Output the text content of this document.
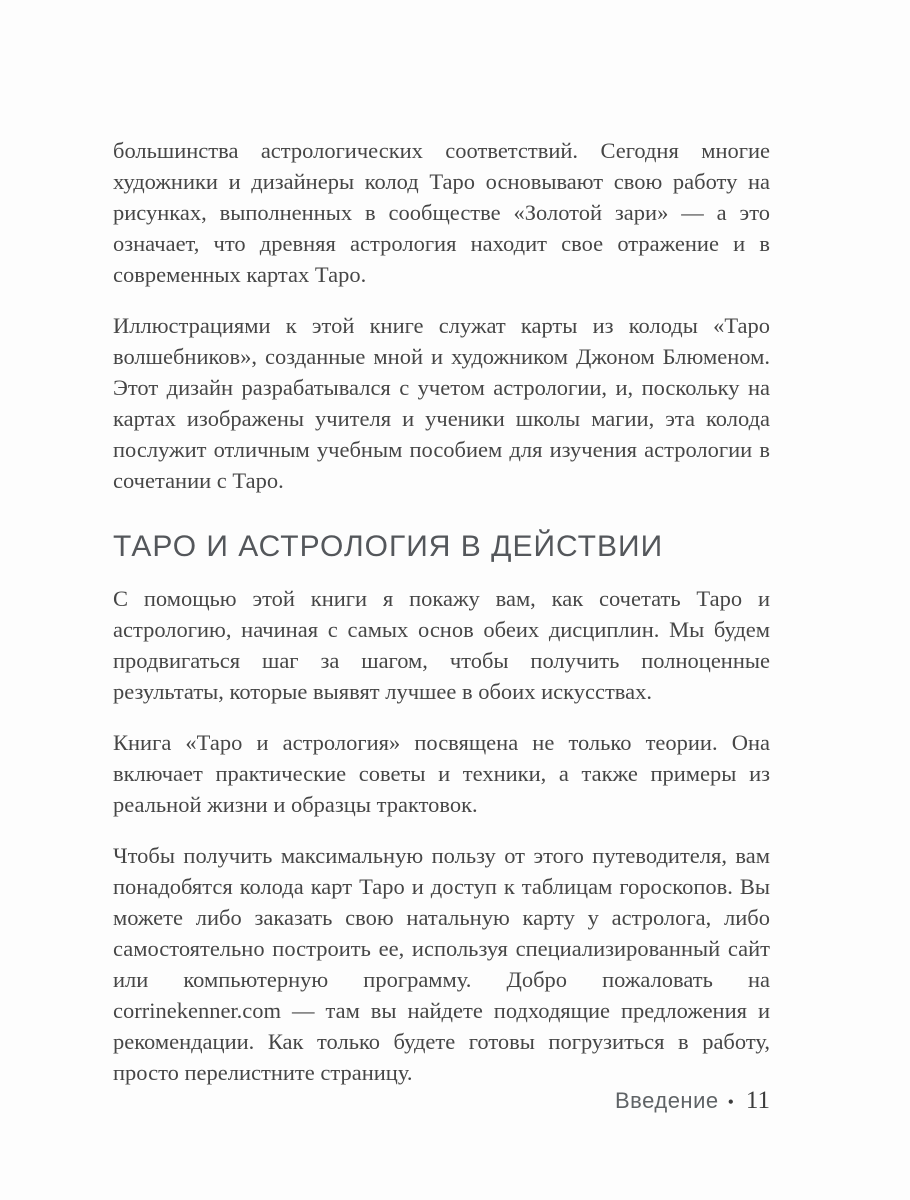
большинства астрологических соответствий. Сегодня многие художники и дизайнеры колод Таро основывают свою работу на рисунках, выполненных в сообществе «Золотой зари» — а это означает, что древняя астрология находит свое отражение и в современных картах Таро.

Иллюстрациями к этой книге служат карты из колоды «Таро волшебников», созданные мной и художником Джоном Блюменом. Этот дизайн разрабатывался с учетом астрологии, и, поскольку на картах изображены учителя и ученики школы магии, эта колода послужит отличным учебным пособием для изучения астрологии в сочетании с Таро.

ТАРО И АСТРОЛОГИЯ В ДЕЙСТВИИ

С помощью этой книги я покажу вам, как сочетать Таро и астрологию, начиная с самых основ обеих дисциплин. Мы будем продвигаться шаг за шагом, чтобы получить полноценные результаты, которые выявят лучшее в обоих искусствах.

Книга «Таро и астрология» посвящена не только теории. Она включает практические советы и техники, а также примеры из реальной жизни и образцы трактовок.

Чтобы получить максимальную пользу от этого путеводителя, вам понадобятся колода карт Таро и доступ к таблицам гороскопов. Вы можете либо заказать свою натальную карту у астролога, либо самостоятельно построить ее, используя специализированный сайт или компьютерную программу. Добро пожаловать на corrinekenner.com — там вы найдете подходящие предложения и рекомендации. Как только будете готовы погрузиться в работу, просто перелистните страницу.

Введение • 11
